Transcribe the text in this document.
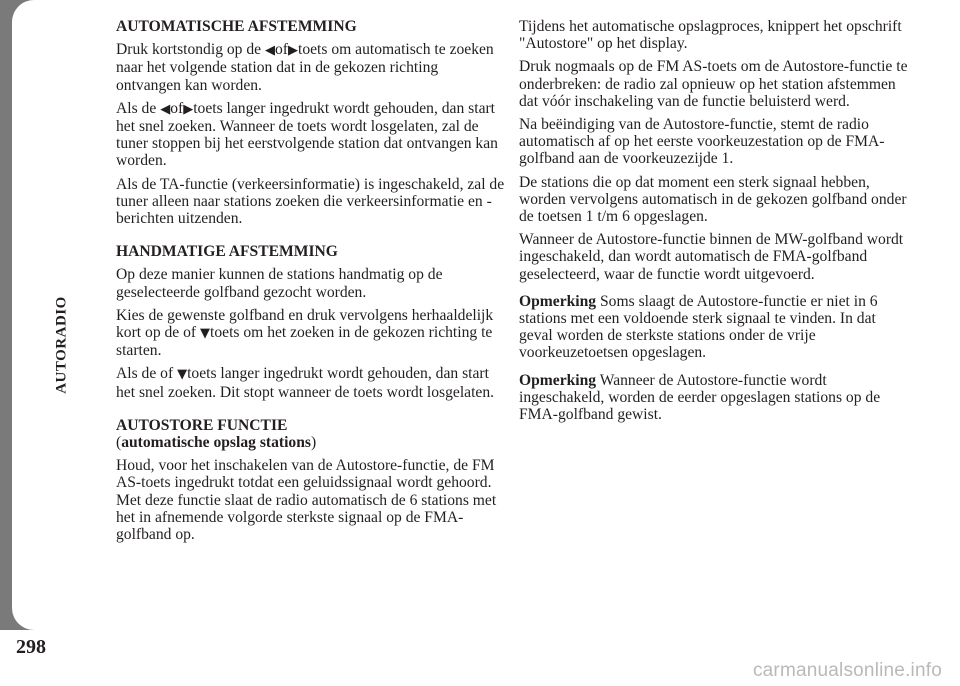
AUTORADIO
298
AUTOMATISCHE AFSTEMMING

Druk kortstondig op de ◀of▶toets om automatisch te zoeken naar het volgende station dat in de gekozen richting ontvangen kan worden.

Als de ◀of▶toets langer ingedrukt wordt gehouden, dan start het snel zoeken. Wanneer de toets wordt losgelaten, zal de tuner stoppen bij het eerstvolgende station dat ontvangen kan worden.

Als de TA-functie (verkeersinformatie) is ingeschakeld, zal de tuner alleen naar stations zoeken die verkeersinformatie en -berichten uitzenden.

HANDMATIGE AFSTEMMING

Op deze manier kunnen de stations handmatig op de geselecteerde golfband gezocht worden.

Kies de gewenste golfband en druk vervolgens herhaaldelijk kort op de of ▼toets om het zoeken in de gekozen richting te starten.

Als de of ▼toets langer ingedrukt wordt gehouden, dan start het snel zoeken. Dit stopt wanneer de toets wordt losgelaten.

AUTOSTORE FUNCTIE

(automatische opslag stations)

Houd, voor het inschakelen van de Autostore-functie, de FM AS-toets ingedrukt totdat een geluidssignaal wordt gehoord. Met deze functie slaat de radio automatisch de 6 stations met het in afnemende volgorde sterkste signaal op de FMA-golfband op.

Tijdens het automatische opslagproces, knippert het opschrift "Autostore" op het display.

Druk nogmaals op de FM AS-toets om de Autostore-functie te onderbreken: de radio zal opnieuw op het station afstemmen dat vóór inschakeling van de functie beluisterd werd.

Na beëindiging van de Autostore-functie, stemt de radio automatisch af op het eerste voorkeuzestation op de FMA-golfband aan de voorkeuzezijde 1.

De stations die op dat moment een sterk signaal hebben, worden vervolgens automatisch in de gekozen golfband onder de toetsen 1 t/m 6 opgeslagen.

Wanneer de Autostore-functie binnen de MW-golfband wordt ingeschakeld, dan wordt automatisch de FMA-golfband geselecteerd, waar de functie wordt uitgevoerd.

Opmerking Soms slaagt de Autostore-functie er niet in 6 stations met een voldoende sterk signaal te vinden. In dat geval worden de sterkste stations onder de vrije voorkeuzetoetsen opgeslagen.

Opmerking Wanneer de Autostore-functie wordt ingeschakeld, worden de eerder opgeslagen stations op de FMA-golfband gewist.

carmanualsonline.info
